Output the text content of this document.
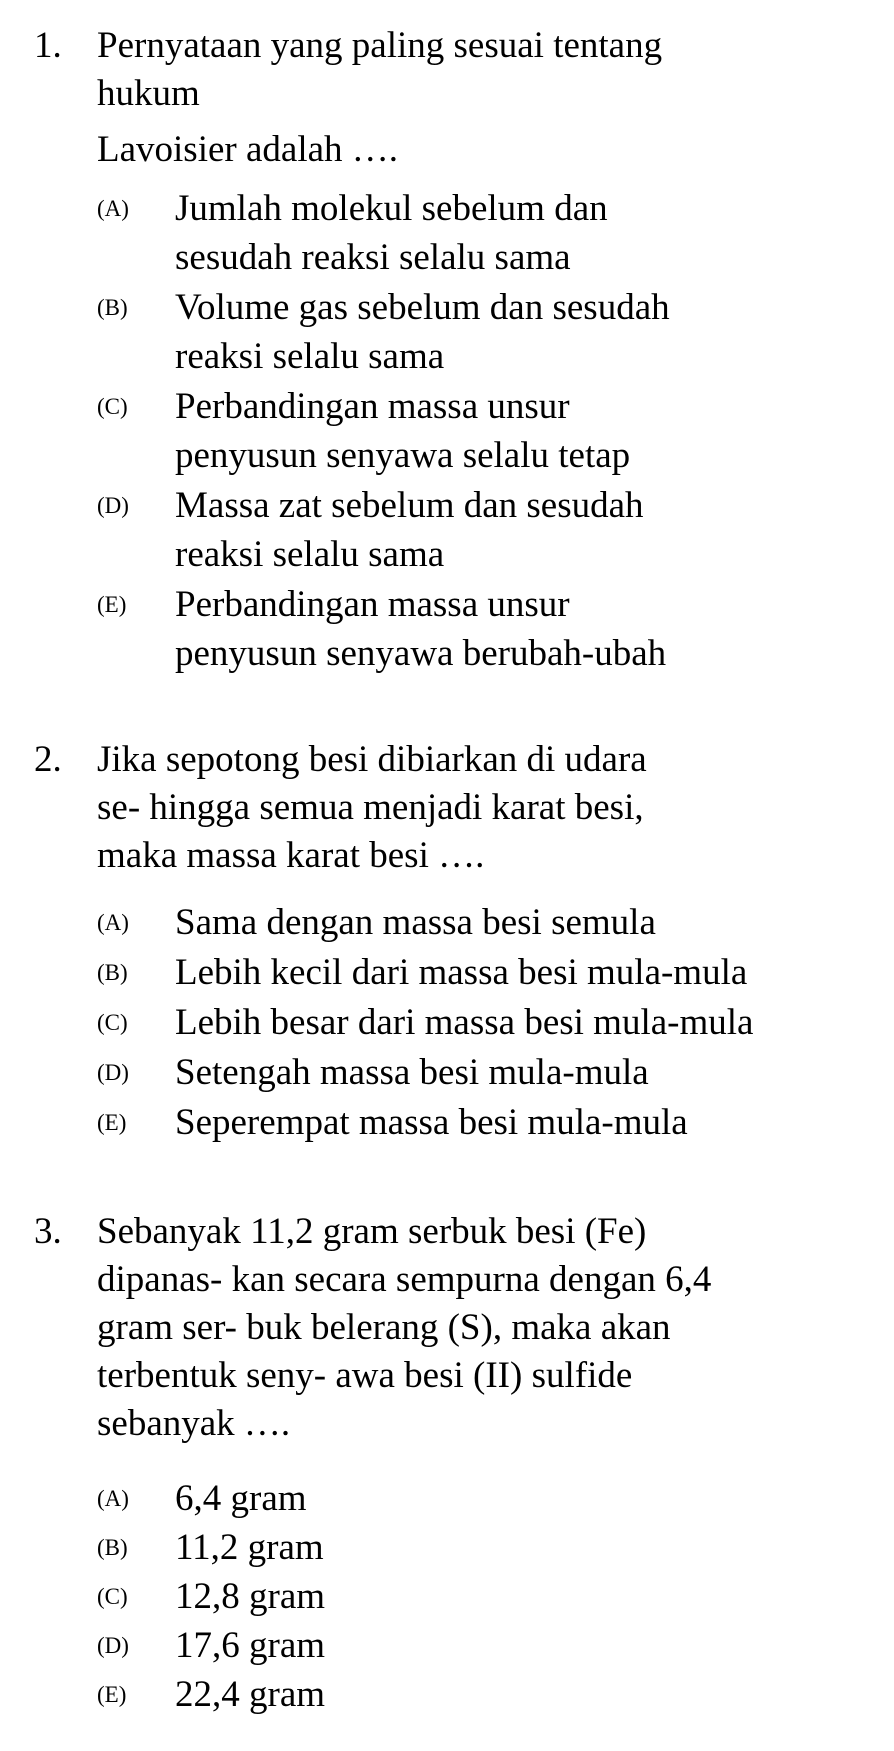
1. Pernyataan yang paling sesuai tentang
hukum
Lavoisier adalah ….
(A) Jumlah molekul sebelum dan
sesudah reaksi selalu sama
(B) Volume gas sebelum dan sesudah
reaksi selalu sama
(C) Perbandingan massa unsur
penyusun senyawa selalu tetap
(D) Massa zat sebelum dan sesudah
reaksi selalu sama
(E) Perbandingan massa unsur
penyusun senyawa berubah-ubah
2. Jika sepotong besi dibiarkan di udara
se- hingga semua menjadi karat besi,
maka massa karat besi ….
(A) Sama dengan massa besi semula
(B) Lebih kecil dari massa besi mula-mula
(C) Lebih besar dari massa besi mula-mula
(D) Setengah massa besi mula-mula
(E) Seperempat massa besi mula-mula
3. Sebanyak 11,2 gram serbuk besi (Fe)
dipanas- kan secara sempurna dengan 6,4
gram ser- buk belerang (S), maka akan
terbentuk seny- awa besi (II) sulfide
sebanyak ….
(A) 6,4 gram
(B) 11,2 gram
(C) 12,8 gram
(D) 17,6 gram
(E) 22,4 gram
